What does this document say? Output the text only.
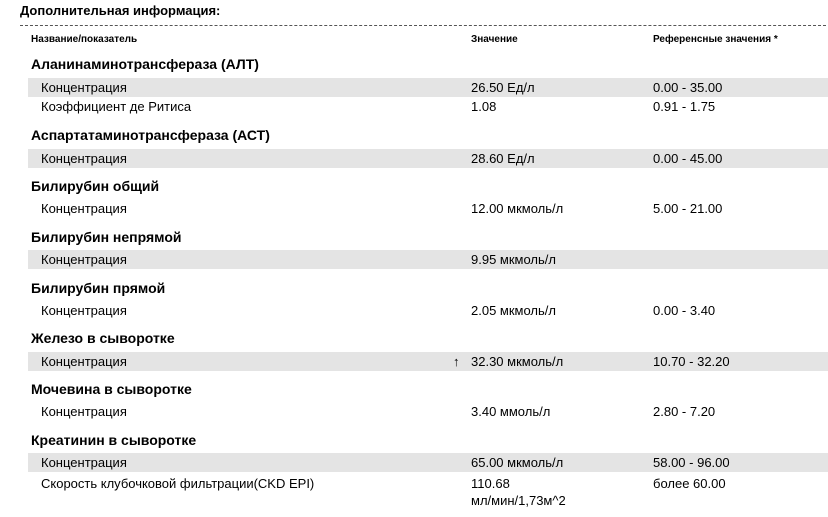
Дополнительная информация:
Название/показатель	Значение	Референсные значения *
Аланинаминотрансфераза (АЛТ)
Концентрация	26.50 Ед/л	0.00 - 35.00
Коэффициент де Ритиса	1.08	0.91 - 1.75
Аспартатаминотрансфераза (АСТ)
Концентрация	28.60 Ед/л	0.00 - 45.00
Билирубин общий
Концентрация	12.00 мкмоль/л	5.00 - 21.00
Билирубин непрямой
Концентрация	9.95 мкмоль/л
Билирубин прямой
Концентрация	2.05 мкмоль/л	0.00 - 3.40
Железо в сыворотке
Концентрация	↑ 32.30 мкмоль/л	10.70 - 32.20
Мочевина в сыворотке
Концентрация	3.40 ммоль/л	2.80 - 7.20
Креатинин в сыворотке
Концентрация	65.00 мкмоль/л	58.00 - 96.00
Скорость клубочковой фильтрации(CKD EPI)	110.68	более 60.00
мл/мин/1,73м^2
